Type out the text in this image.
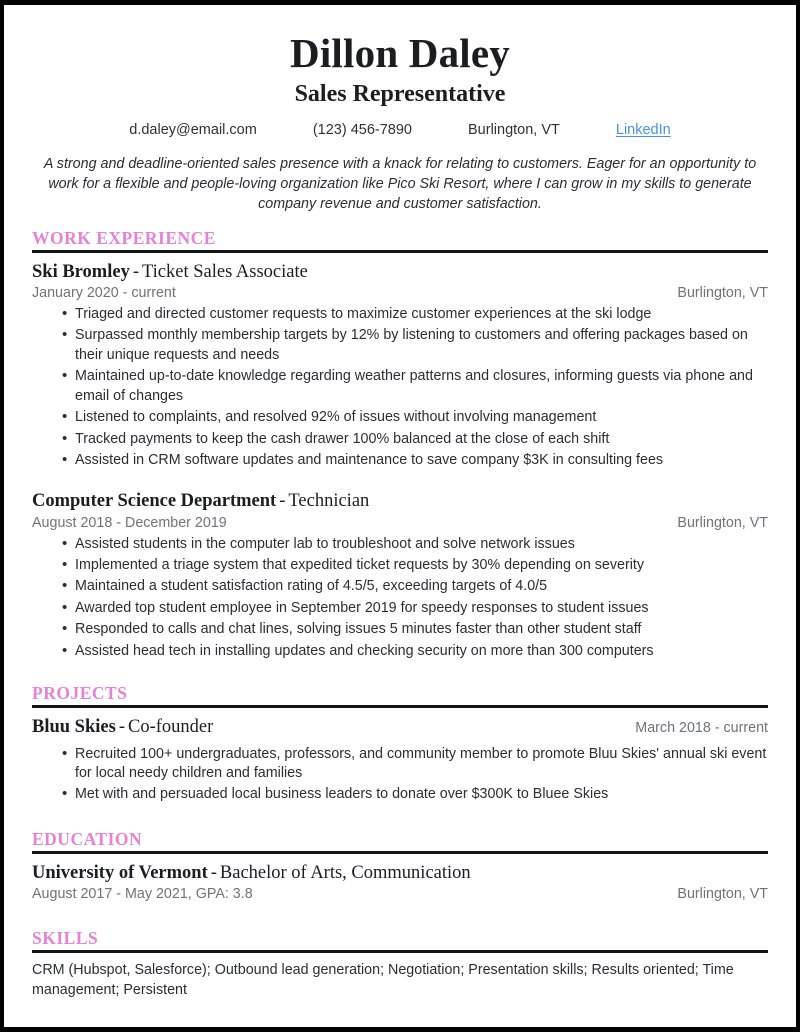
Dillon Daley
Sales Representative
d.daley@email.com	(123) 456-7890	Burlington, VT	LinkedIn
A strong and deadline-oriented sales presence with a knack for relating to customers. Eager for an opportunity to work for a flexible and people-loving organization like Pico Ski Resort, where I can grow in my skills to generate company revenue and customer satisfaction.
WORK EXPERIENCE
Ski Bromley - Ticket Sales Associate
January 2020 - current	Burlington, VT
• Triaged and directed customer requests to maximize customer experiences at the ski lodge
• Surpassed monthly membership targets by 12% by listening to customers and offering packages based on their unique requests and needs
• Maintained up-to-date knowledge regarding weather patterns and closures, informing guests via phone and email of changes
• Listened to complaints, and resolved 92% of issues without involving management
• Tracked payments to keep the cash drawer 100% balanced at the close of each shift
• Assisted in CRM software updates and maintenance to save company $3K in consulting fees
Computer Science Department - Technician
August 2018 - December 2019	Burlington, VT
• Assisted students in the computer lab to troubleshoot and solve network issues
• Implemented a triage system that expedited ticket requests by 30% depending on severity
• Maintained a student satisfaction rating of 4.5/5, exceeding targets of 4.0/5
• Awarded top student employee in September 2019 for speedy responses to student issues
• Responded to calls and chat lines, solving issues 5 minutes faster than other student staff
• Assisted head tech in installing updates and checking security on more than 300 computers
PROJECTS
Bluu Skies - Co-founder	March 2018 - current
• Recruited 100+ undergraduates, professors, and community member to promote Bluu Skies' annual ski event for local needy children and families
• Met with and persuaded local business leaders to donate over $300K to Bluee Skies
EDUCATION
University of Vermont - Bachelor of Arts, Communication
August 2017 - May 2021, GPA: 3.8	Burlington, VT
SKILLS
CRM (Hubspot, Salesforce); Outbound lead generation; Negotiation; Presentation skills; Results oriented; Time management; Persistent
